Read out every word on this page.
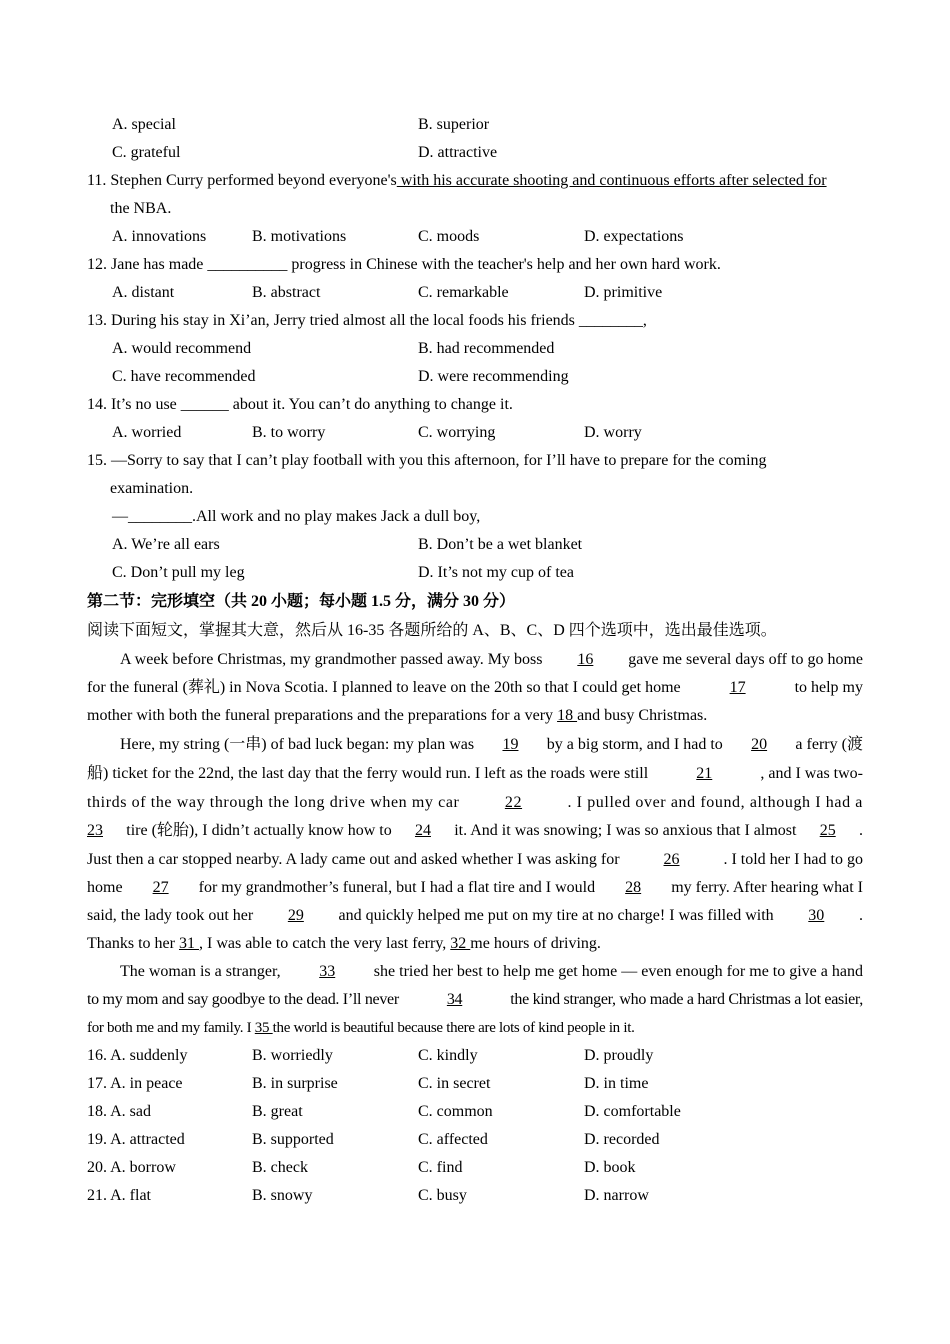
A. special	B. superior
C. grateful	D. attractive
11. Stephen Curry performed beyond everyone's with his accurate shooting and continuous efforts after selected for
the NBA.
A. innovations	B. motivations	C. moods	D. expectations
12. Jane has made __________ progress in Chinese with the teacher's help and her own hard work.
A. distant	B. abstract	C. remarkable	D. primitive
13. During his stay in Xi’an, Jerry tried almost all the local foods his friends ________,
A. would recommend	B. had recommended
C. have recommended	D. were recommending
14. It’s no use ______ about it. You can’t do anything to change it.
A. worried	B. to worry	C. worrying	D. worry
15. —Sorry to say that I can’t play football with you this afternoon, for I’ll have to prepare for the coming
examination.
—________.All work and no play makes Jack a dull boy,
A. We’re all ears	B. Don’t be a wet blanket
C. Don’t pull my leg	D. It’s not my cup of tea
第二节：完形填空（共 20 小题；每小题 1.5 分，满分 30 分）
阅读下面短文，掌握其大意，然后从 16-35 各题所给的 A、B、C、D 四个选项中，选出最佳选项。
A week before Christmas, my grandmother passed away. My boss 16 gave me several days off to go home
for the funeral (葬礼) in Nova Scotia. I planned to leave on the 20th so that I could get home	17	to help my
mother with both the funeral preparations and the preparations for a very 18 and busy Christmas.
Here, my string (一串) of bad luck began: my plan was 19 by a big storm, and I had to 20 a ferry (渡
船) ticket for the 22nd, the last day that the ferry would run. I left as the roads were still	21	, and I was two-
thirds of the way through the long drive when my car	22	. I pulled over and found, although I had a
23 tire (轮胎), I didn’t actually know how to 24 it. And it was snowing; I was so anxious that I almost 25 .
Just then a car stopped nearby. A lady came out and asked whether I was asking for	26	. I told her I had to go
home 27 for my grandmother’s funeral, but I had a flat tire and I would 28 my ferry. After hearing what I
said, the lady took out her 29 and quickly helped me put on my tire at no charge! I was filled with 30 .
Thanks to her 31 , I was able to catch the very last ferry, 32 me hours of driving.
The woman is a stranger, 33 she tried her best to help me get home — even enough for me to give a hand
to my mom and say goodbye to the dead. I’ll never	34	the kind stranger, who made a hard Christmas a lot easier,
for both me and my family. I 35 the world is beautiful because there are lots of kind people in it.
16. A. suddenly	B. worriedly	C. kindly	D. proudly
17. A. in peace	B. in surprise	C. in secret	D. in time
18. A. sad	B. great	C. common	D. comfortable
19. A. attracted	B. supported	C. affected	D. recorded
20. A. borrow	B. check	C. find	D. book
21. A. flat	B. snowy	C. busy	D. narrow
